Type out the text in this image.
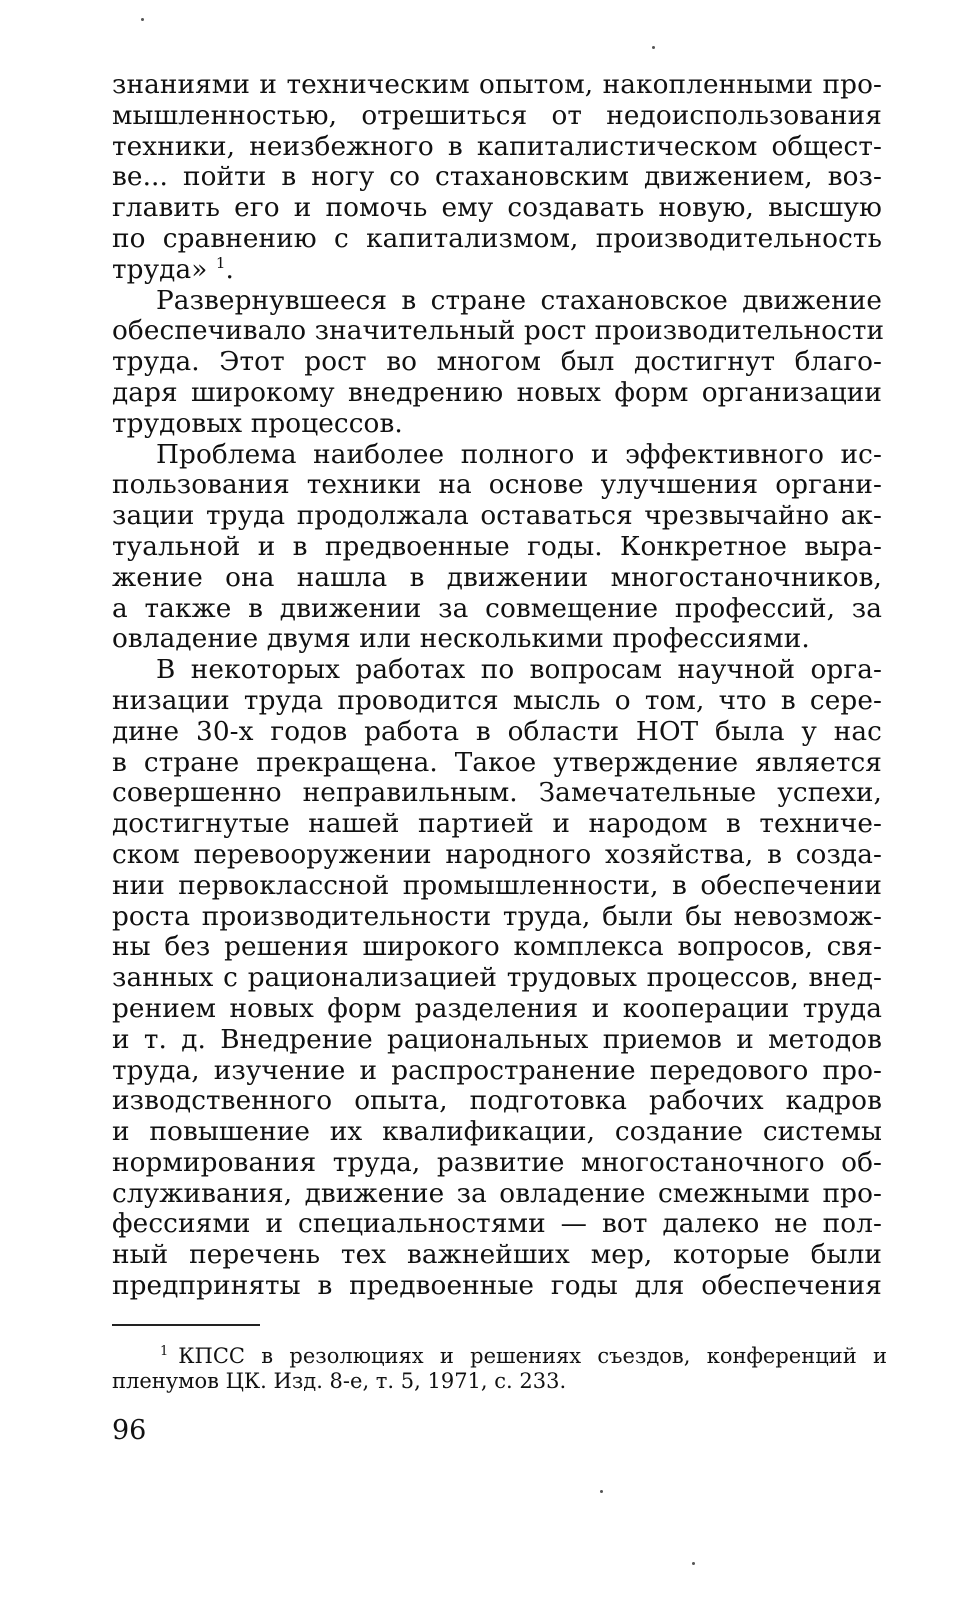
знаниями и техническим опытом, накопленными про-
мышленностью, отрешиться от недоиспользования
техники, неизбежного в капиталистическом общест-
ве... пойти в ногу со стахановским движением, воз-
главить его и помочь ему создавать новую, высшую
по сравнению с капитализмом, производительность
труда» $^1$.
Развернувшееся в стране стахановское движение
обеспечивало значительный рост производительности
труда. Этот рост во многом был достигнут благо-
даря широкому внедрению новых форм организации
трудовых процессов.
Проблема наиболее полного и эффективного ис-
пользования техники на основе улучшения органи-
зации труда продолжала оставаться чрезвычайно ак-
туальной и в предвоенные годы. Конкретное выра-
жение она нашла в движении многостаночников,
а также в движении за совмещение профессий, за
овладение двумя или несколькими профессиями.
В некоторых работах по вопросам научной орга-
низации труда проводится мысль о том, что в сере-
дине 30-х годов работа в области НОТ была у нас
в стране прекращена. Такое утверждение является
совершенно неправильным. Замечательные успехи,
достигнутые нашей партией и народом в техниче-
ском перевооружении народного хозяйства, в созда-
нии первоклассной промышленности, в обеспечении
роста производительности труда, были бы невозмож-
ны без решения широкого комплекса вопросов, свя-
занных с рационализацией трудовых процессов, внед-
рением новых форм разделения и кооперации труда
и т. д. Внедрение рациональных приемов и методов
труда, изучение и распространение передового про-
изводственного опыта, подготовка рабочих кадров
и повышение их квалификации, создание системы
нормирования труда, развитие многостаночного об-
служивания, движение за овладение смежными про-
фессиями и специальностями — вот далеко не пол-
ный перечень тех важнейших мер, которые были
предприняты в предвоенные годы для обеспечения
$^1$ КПСС в резолюциях и решениях съездов, конференций и
пленумов ЦК. Изд. 8-е, т. 5, 1971, с. 233.
96
